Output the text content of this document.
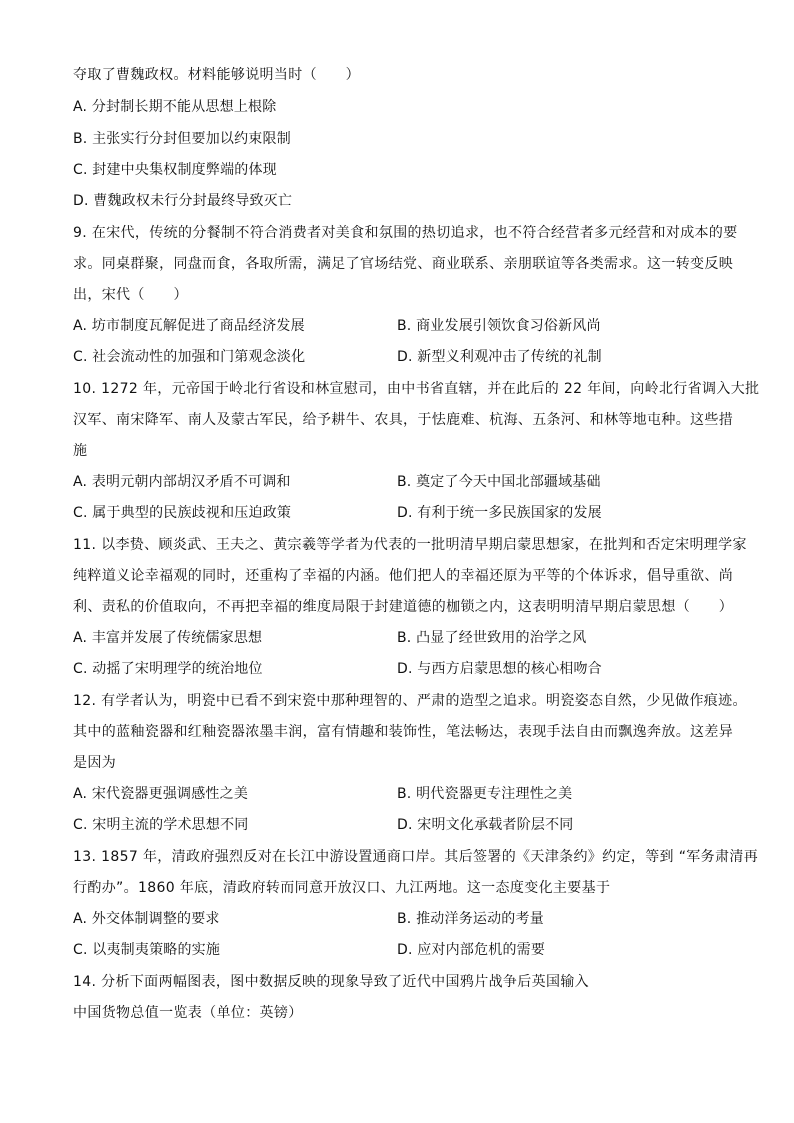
夺取了曹魏政权。材料能够说明当时（　　）
A. 分封制长期不能从思想上根除
B. 主张实行分封但要加以约束限制
C. 封建中央集权制度弊端的体现
D. 曹魏政权未行分封最终导致灭亡
9. 在宋代，传统的分餐制不符合消费者对美食和氛围的热切追求，也不符合经营者多元经营和对成本的要
求。同桌群聚，同盘而食，各取所需，满足了官场结党、商业联系、亲朋联谊等各类需求。这一转变反映
出，宋代（　　）
A. 坊市制度瓦解促进了商品经济发展	B. 商业发展引领饮食习俗新风尚
C. 社会流动性的加强和门第观念淡化	D. 新型义利观冲击了传统的礼制
10. 1272 年，元帝国于岭北行省设和林宣慰司，由中书省直辖，并在此后的 22 年间，向岭北行省调入大批
汉军、南宋降军、南人及蒙古军民，给予耕牛、农具，于怯鹿难、杭海、五条河、和林等地屯种。这些措
施
A. 表明元朝内部胡汉矛盾不可调和	B. 奠定了今天中国北部疆域基础
C. 属于典型的民族歧视和压迫政策	D. 有利于统一多民族国家的发展
11. 以李贽、顾炎武、王夫之、黄宗羲等学者为代表的一批明清早期启蒙思想家，在批判和否定宋明理学家
纯粹道义论幸福观的同时，还重构了幸福的内涵。他们把人的幸福还原为平等的个体诉求，倡导重欲、尚
利、责私的价值取向，不再把幸福的维度局限于封建道德的枷锁之内，这表明明清早期启蒙思想（　　）
A. 丰富并发展了传统儒家思想	B. 凸显了经世致用的治学之风
C. 动摇了宋明理学的统治地位	D. 与西方启蒙思想的核心相吻合
12. 有学者认为，明瓷中已看不到宋瓷中那种理智的、严肃的造型之追求。明瓷姿态自然，少见做作痕迹。
其中的蓝釉瓷器和红釉瓷器浓墨丰润，富有情趣和装饰性，笔法畅达，表现手法自由而飘逸奔放。这差异
是因为
A. 宋代瓷器更强调感性之美	B. 明代瓷器更专注理性之美
C. 宋明主流的学术思想不同	D. 宋明文化承载者阶层不同
13. 1857 年，清政府强烈反对在长江中游设置通商口岸。其后签署的《天津条约》约定，等到 “军务肃清再
行酌办”。1860 年底，清政府转而同意开放汉口、九江两地。这一态度变化主要基于
A. 外交体制调整的要求	B. 推动洋务运动的考量
C. 以夷制夷策略的实施	D. 应对内部危机的需要
14. 分析下面两幅图表，图中数据反映的现象导致了近代中国鸦片战争后英国输入
中国货物总值一览表（单位：英镑）
